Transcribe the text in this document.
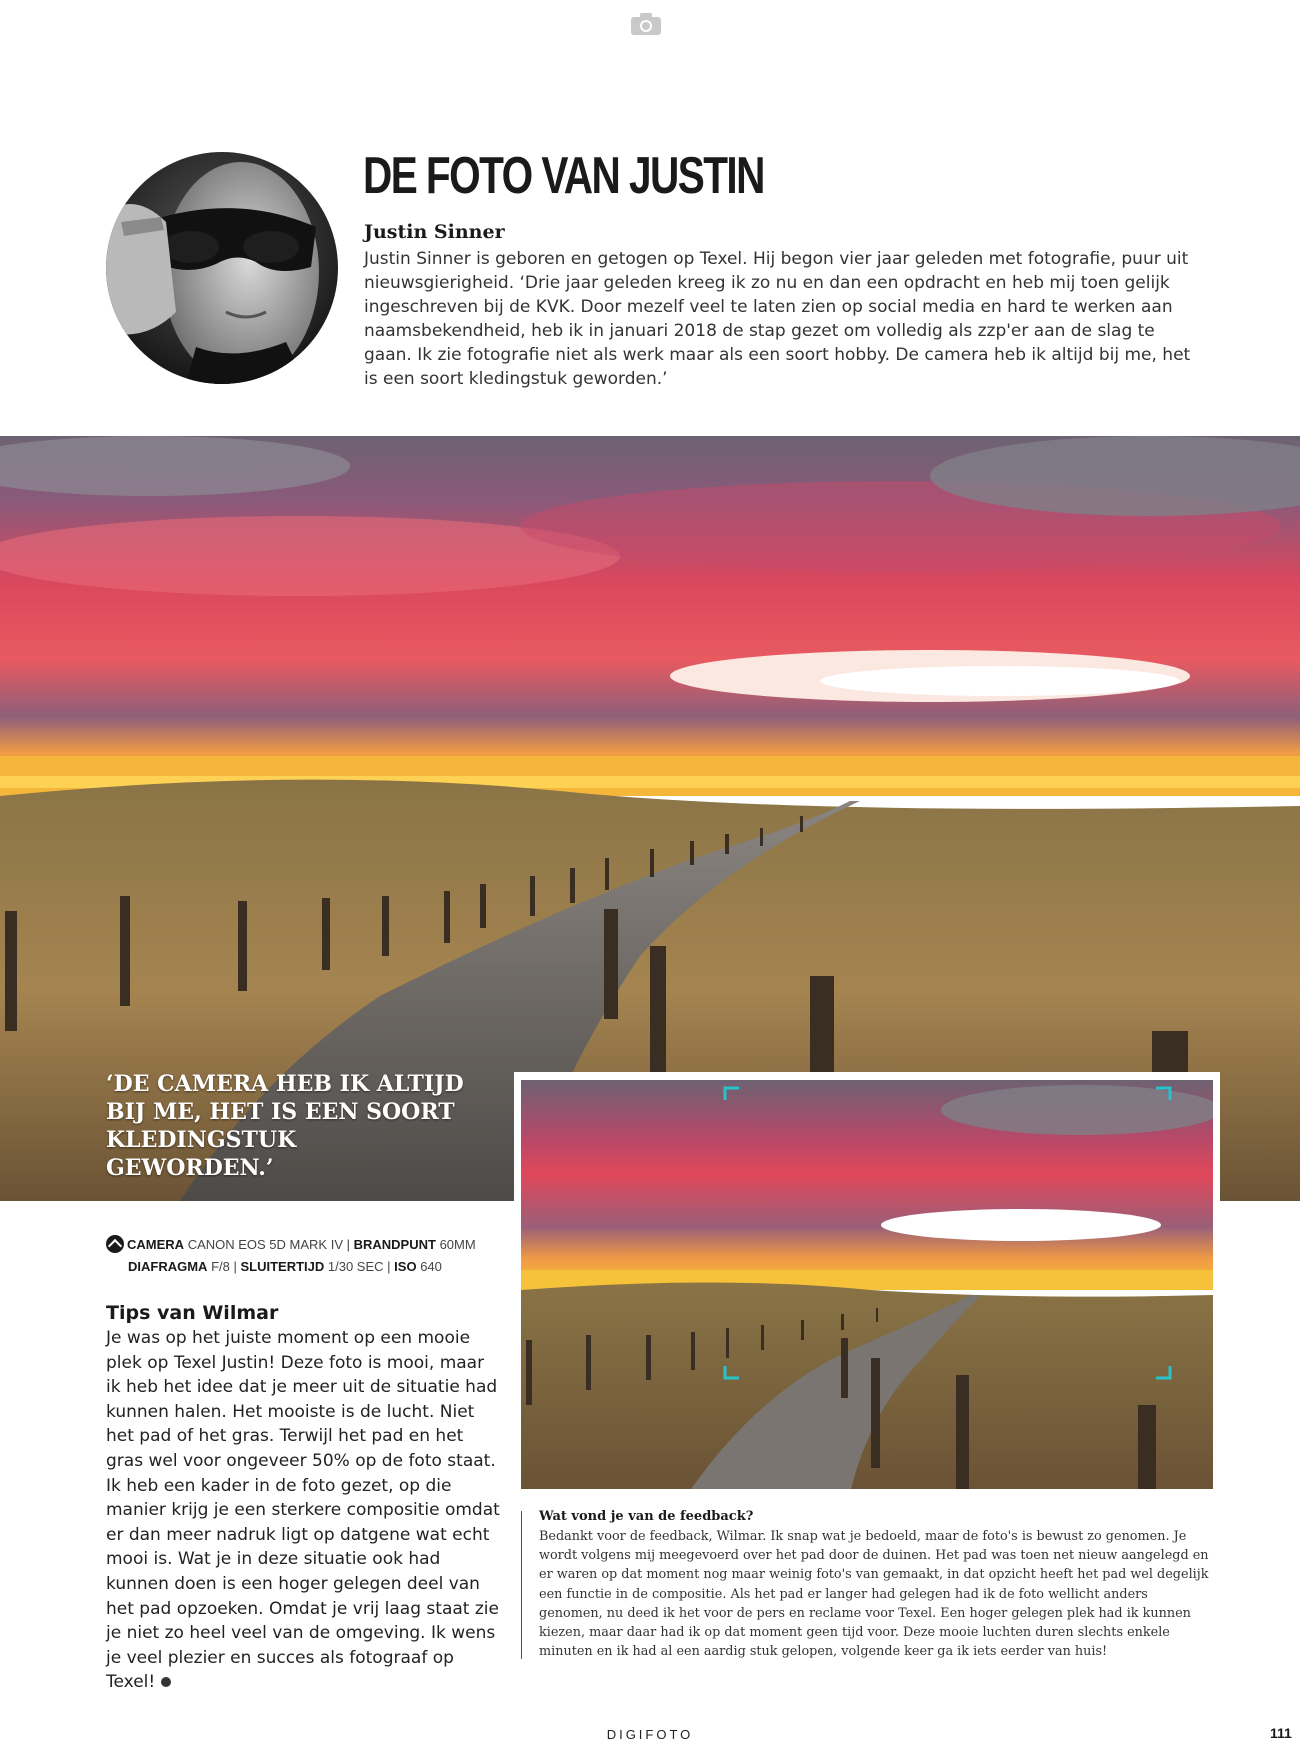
DE FOTO VAN JUSTIN
Justin Sinner
Justin Sinner is geboren en getogen op Texel. Hij begon vier jaar geleden met fotografie, puur uit nieuwsgierigheid. ‘Drie jaar geleden kreeg ik zo nu en dan een opdracht en heb mij toen gelijk ingeschreven bij de KVK. Door mezelf veel te laten zien op social media en hard te werken aan naamsbekendheid, heb ik in januari 2018 de stap gezet om volledig als zzp'er aan de slag te gaan. Ik zie fotografie niet als werk maar als een soort hobby. De camera heb ik altijd bij me, het is een soort kledingstuk geworden.’
‘DE CAMERA HEB IK ALTIJD BIJ ME, HET IS EEN SOORT KLEDINGSTUK GEWORDEN.’
CAMERA CANON EOS 5D MARK IV | BRANDPUNT 60MM
DIAFRAGMA F/8 | SLUITERTIJD 1/30 SEC | ISO 640
Tips van Wilmar
Je was op het juiste moment op een mooie plek op Texel Justin! Deze foto is mooi, maar ik heb het idee dat je meer uit de situatie had kunnen halen. Het mooiste is de lucht. Niet het pad of het gras. Terwijl het pad en het gras wel voor ongeveer 50% op de foto staat. Ik heb een kader in de foto gezet, op die manier krijg je een sterkere compositie omdat er dan meer nadruk ligt op datgene wat echt mooi is. Wat je in deze situatie ook had kunnen doen is een hoger gelegen deel van het pad opzoeken. Omdat je vrij laag staat zie je niet zo heel veel van de omgeving. Ik wens je veel plezier en succes als fotograaf op Texel!
Wat vond je van de feedback?
Bedankt voor de feedback, Wilmar. Ik snap wat je bedoeld, maar de foto's is bewust zo genomen. Je wordt volgens mij meegevoerd over het pad door de duinen. Het pad was toen net nieuw aangelegd en er waren op dat moment nog maar weinig foto's van gemaakt, in dat opzicht heeft het pad wel degelijk een functie in de compositie. Als het pad er langer had gelegen had ik de foto wellicht anders genomen, nu deed ik het voor de pers en reclame voor Texel. Een hoger gelegen plek had ik kunnen kiezen, maar daar had ik op dat moment geen tijd voor. Deze mooie luchten duren slechts enkele minuten en ik had al een aardig stuk gelopen, volgende keer ga ik iets eerder van huis!
DIGIFOTO	111
